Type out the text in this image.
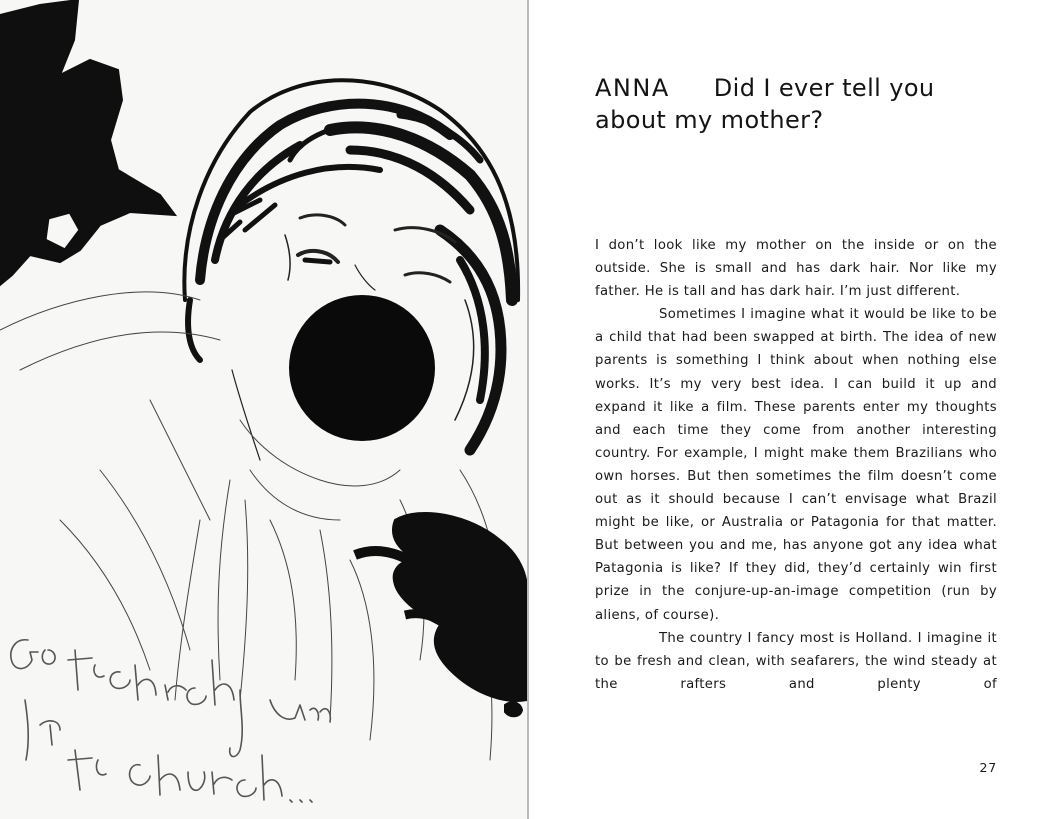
ANNA Did I ever tell you about my mother?

I don’t look like my mother on the inside or on the outside. She is small and has dark hair. Nor like my father. He is tall and has dark hair. I’m just different.

Sometimes I imagine what it would be like to be a child that had been swapped at birth. The idea of new parents is something I think about when nothing else works. It’s my very best idea. I can build it up and expand it like a film. These parents enter my thoughts and each time they come from another interesting country. For example, I might make them Brazilians who own horses. But then sometimes the film doesn’t come out as it should because I can’t envisage what Brazil might be like, or Australia or Patagonia for that matter. But between you and me, has anyone got any idea what Patagonia is like? If they did, they’d certainly win first prize in the conjure-up-an-image competition (run by aliens, of course).

The country I fancy most is Holland. I imagine it to be fresh and clean, with seafarers, the wind steady at the rafters and plenty of

27
